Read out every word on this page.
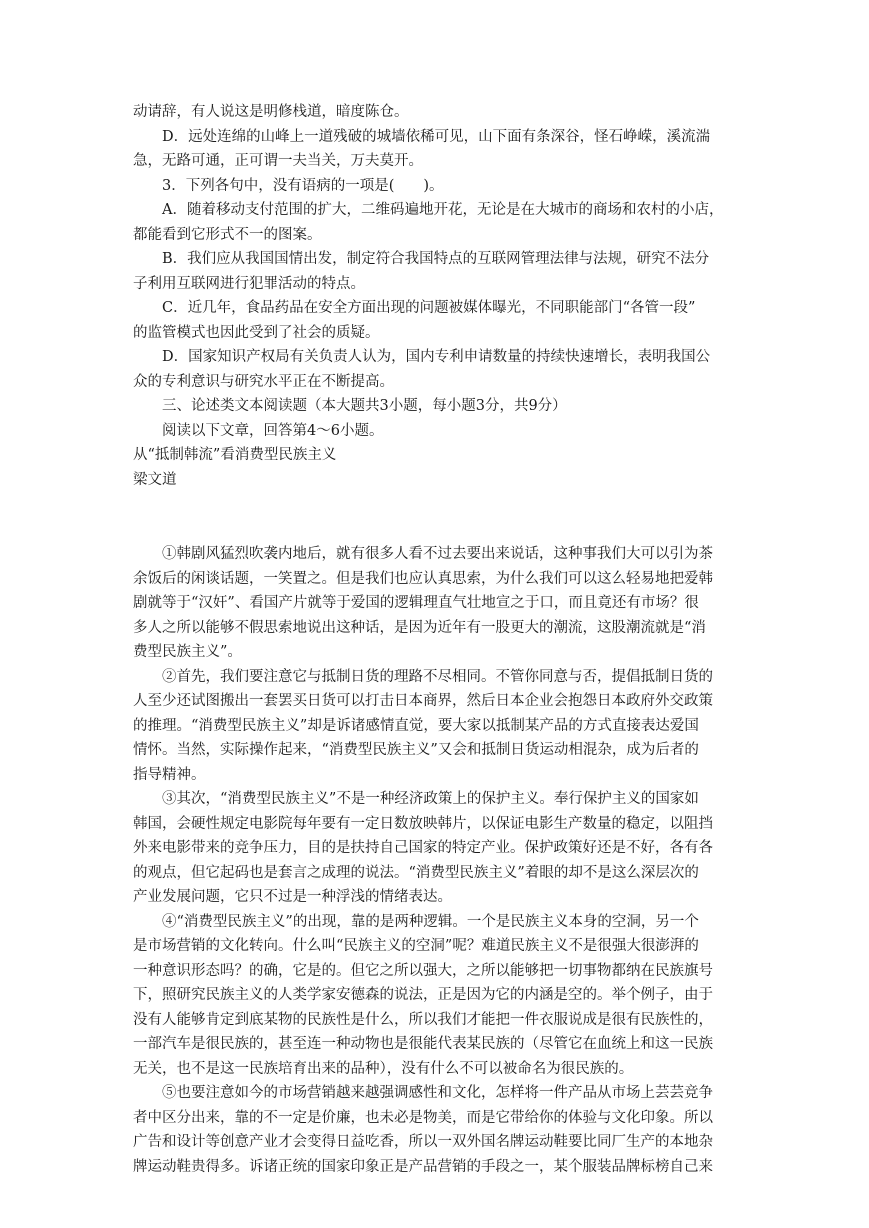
动请辞，有人说这是明修栈道，暗度陈仓。

D．远处连绵的山峰上一道残破的城墙依稀可见，山下面有条深谷，怪石峥嵘，溪流湍

急，无路可通，正可谓一夫当关，万夫莫开。

3．下列各句中，没有语病的一项是(　　)。

A．随着移动支付范围的扩大，二维码遍地开花，无论是在大城市的商场和农村的小店，

都能看到它形式不一的图案。

B．我们应从我国国情出发，制定符合我国特点的互联网管理法律与法规，研究不法分

子利用互联网进行犯罪活动的特点。

C．近几年，食品药品在安全方面出现的问题被媒体曝光，不同职能部门“各管一段”

的监管模式也因此受到了社会的质疑。

D．国家知识产权局有关负责人认为，国内专利申请数量的持续快速增长，表明我国公

众的专利意识与研究水平正在不断提高。

三、论述类文本阅读题（本大题共3小题，每小题3分，共9分）

阅读以下文章，回答第4～6小题。

从“抵制韩流”看消费型民族主义

梁文道

①韩剧风猛烈吹袭内地后，就有很多人看不过去要出来说话，这种事我们大可以引为茶

余饭后的闲谈话题，一笑置之。但是我们也应认真思索，为什么我们可以这么轻易地把爱韩

剧就等于“汉奸”、看国产片就等于爱国的逻辑理直气壮地宣之于口，而且竟还有市场？很

多人之所以能够不假思索地说出这种话，是因为近年有一股更大的潮流，这股潮流就是“消

费型民族主义”。

②首先，我们要注意它与抵制日货的理路不尽相同。不管你同意与否，提倡抵制日货的

人至少还试图搬出一套罢买日货可以打击日本商界，然后日本企业会抱怨日本政府外交政策

的推理。“消费型民族主义”却是诉诸感情直觉，要大家以抵制某产品的方式直接表达爱国

情怀。当然，实际操作起来，“消费型民族主义”又会和抵制日货运动相混杂，成为后者的

指导精神。

③其次，“消费型民族主义”不是一种经济政策上的保护主义。奉行保护主义的国家如

韩国，会硬性规定电影院每年要有一定日数放映韩片，以保证电影生产数量的稳定，以阻挡

外来电影带来的竞争压力，目的是扶持自己国家的特定产业。保护政策好还是不好，各有各

的观点，但它起码也是套言之成理的说法。“消费型民族主义”着眼的却不是这么深层次的

产业发展问题，它只不过是一种浮浅的情绪表达。

④“消费型民族主义”的出现，靠的是两种逻辑。一个是民族主义本身的空洞，另一个

是市场营销的文化转向。什么叫“民族主义的空洞”呢？难道民族主义不是很强大很澎湃的

一种意识形态吗？的确，它是的。但它之所以强大，之所以能够把一切事物都纳在民族旗号

下，照研究民族主义的人类学家安德森的说法，正是因为它的内涵是空的。举个例子，由于

没有人能够肯定到底某物的民族性是什么，所以我们才能把一件衣服说成是很有民族性的，

一部汽车是很民族的，甚至连一种动物也是很能代表某民族的（尽管它在血统上和这一民族

无关，也不是这一民族培育出来的品种），没有什么不可以被命名为很民族的。

⑤也要注意如今的市场营销越来越强调感性和文化，怎样将一件产品从市场上芸芸竞争

者中区分出来，靠的不一定是价廉，也未必是物美，而是它带给你的体验与文化印象。所以

广告和设计等创意产业才会变得日益吃香，所以一双外国名牌运动鞋要比同厂生产的本地杂

牌运动鞋贵得多。诉诸正统的国家印象正是产品营销的手段之一，某个服装品牌标榜自己来
